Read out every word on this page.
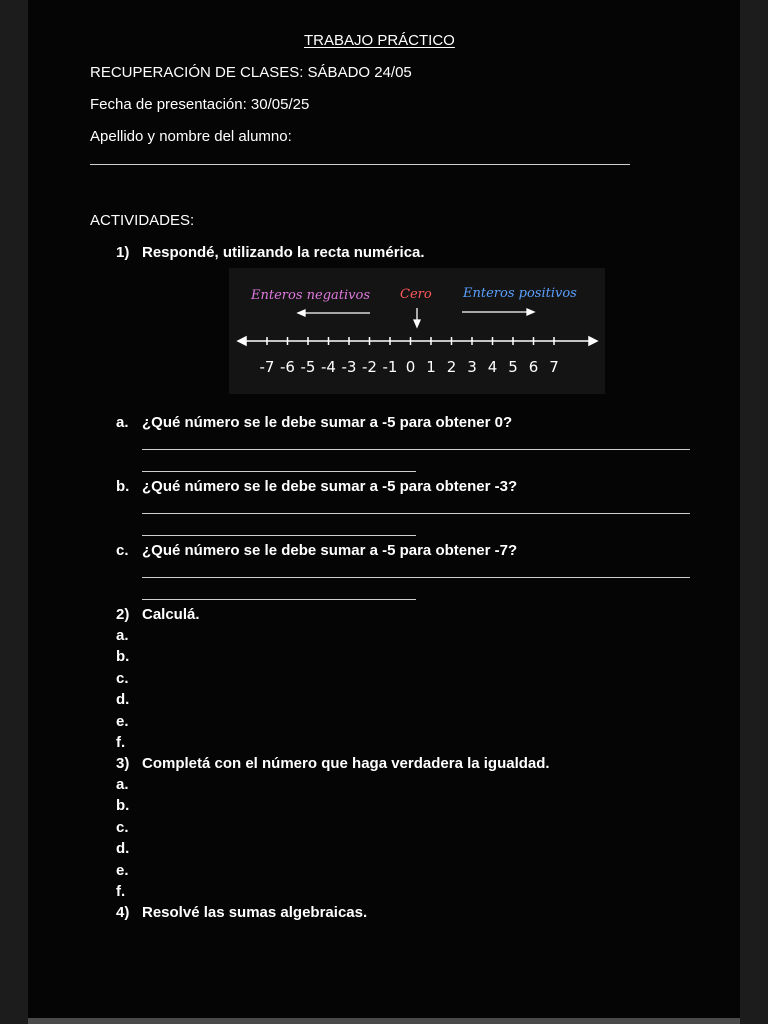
TRABAJO PRÁCTICO
RECUPERACIÓN DE CLASES: SÁBADO 24/05
Fecha de presentación: 30/05/25
Apellido y nombre del alumno:
ACTIVIDADES:
1) Respondé, utilizando la recta numérica.
Enteros negativos Cero Enteros positivos
-7 -6 -5 -4 -3 -2 -1 0 1 2 3 4 5 6 7
a. ¿Qué número se le debe sumar a -5 para obtener 0?
b. ¿Qué número se le debe sumar a -5 para obtener -3?
c. ¿Qué número se le debe sumar a -5 para obtener -7?
2) Calculá.
a.
b.
c.
d.
e.
f.
3) Completá con el número que haga verdadera la igualdad.
a.
b.
c.
d.
e.
f.
4) Resolvé las sumas algebraicas.
